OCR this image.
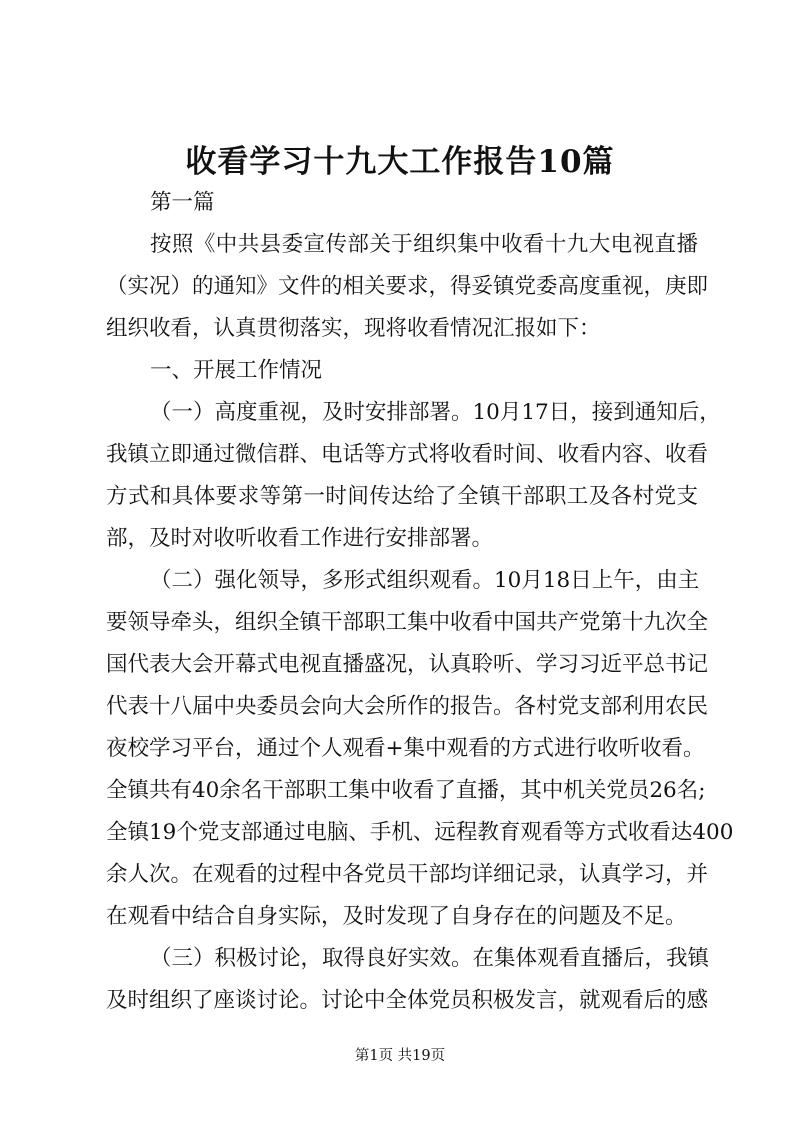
收看学习十九大工作报告10篇
第一篇
按照《中共县委宣传部关于组织集中收看十九大电视直播
（实况）的通知》文件的相关要求，得妥镇党委高度重视，庚即
组织收看，认真贯彻落实，现将收看情况汇报如下：
一、开展工作情况
（一）高度重视，及时安排部署。10月17日，接到通知后，
我镇立即通过微信群、电话等方式将收看时间、收看内容、收看
方式和具体要求等第一时间传达给了全镇干部职工及各村党支
部，及时对收听收看工作进行安排部署。
（二）强化领导，多形式组织观看。10月18日上午，由主
要领导牵头，组织全镇干部职工集中收看中国共产党第十九次全
国代表大会开幕式电视直播盛况，认真聆听、学习习近平总书记
代表十八届中央委员会向大会所作的报告。各村党支部利用农民
夜校学习平台，通过个人观看+集中观看的方式进行收听收看。
全镇共有40余名干部职工集中收看了直播，其中机关党员26名;
全镇19个党支部通过电脑、手机、远程教育观看等方式收看达400
余人次。在观看的过程中各党员干部均详细记录，认真学习，并
在观看中结合自身实际，及时发现了自身存在的问题及不足。
（三）积极讨论，取得良好实效。在集体观看直播后，我镇
及时组织了座谈讨论。讨论中全体党员积极发言，就观看后的感
第1页 共19页
